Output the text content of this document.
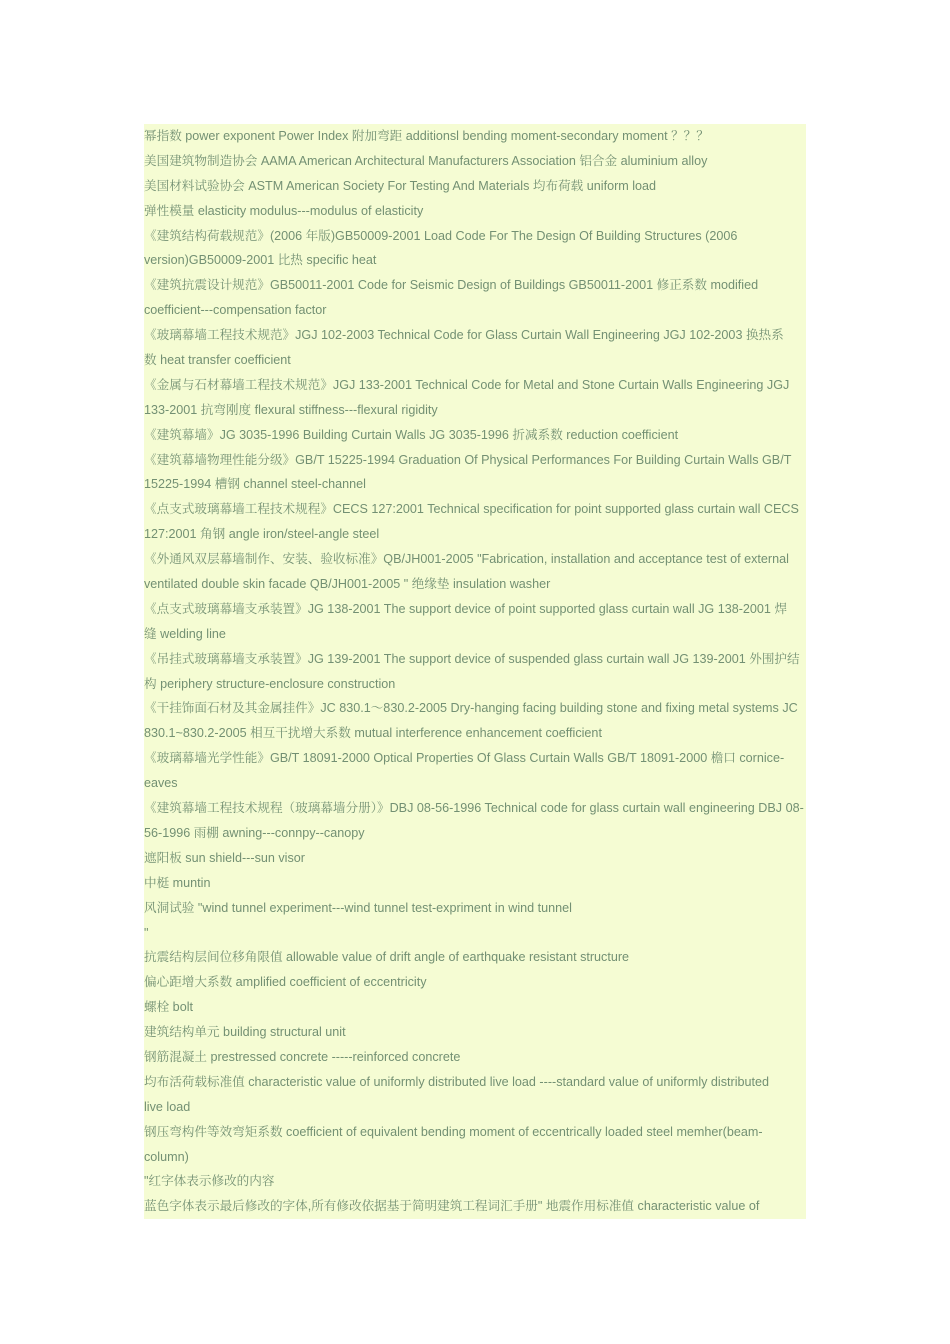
幂指数 power exponent Power Index 附加弯距 additionsl bending moment-secondary moment ？？？
美国建筑物制造协会 AAMA American Architectural Manufacturers Association 铝合金 aluminium alloy
美国材料试验协会 ASTM American Society For Testing And Materials 均布荷载 uniform load
弹性模量 elasticity modulus---modulus of elasticity
《建筑结构荷载规范》(2006 年版)GB50009-2001 Load Code For The Design Of Building Structures (2006
version)GB50009-2001 比热 specific heat
《建筑抗震设计规范》GB50011-2001 Code for Seismic Design of Buildings GB50011-2001 修正系数 modified
coefficient---compensation factor
《玻璃幕墙工程技术规范》JGJ 102-2003 Technical Code for Glass Curtain Wall Engineering JGJ 102-2003 换热系
数 heat transfer coefficient
《金属与石材幕墙工程技术规范》JGJ 133-2001 Technical Code for Metal and Stone Curtain Walls Engineering JGJ
133-2001 抗弯刚度 flexural stiffness---flexural rigidity
《建筑幕墙》JG 3035-1996 Building Curtain Walls JG 3035-1996 折减系数 reduction coefficient
《建筑幕墙物理性能分级》GB/T 15225-1994 Graduation Of Physical Performances For Building Curtain Walls GB/T
15225-1994 槽钢 channel steel-channel
《点支式玻璃幕墙工程技术规程》CECS 127:2001 Technical specification for point supported glass curtain wall CECS
127:2001 角钢 angle iron/steel-angle steel
《外通风双层幕墙制作、安装、验收标准》QB/JH001-2005 "Fabrication, installation and acceptance test of external
ventilated double skin facade QB/JH001-2005 " 绝缘垫 insulation washer
《点支式玻璃幕墙支承装置》JG 138-2001 The support device of point supported glass curtain wall JG 138-2001 焊
缝 welding line
《吊挂式玻璃幕墙支承装置》JG 139-2001 The support device of suspended glass curtain wall JG 139-2001 外围护结
构 periphery structure-enclosure construction
《干挂饰面石材及其金属挂件》JC 830.1～830.2-2005 Dry-hanging facing building stone and fixing metal systems JC
830.1~830.2-2005 相互干扰增大系数 mutual interference enhancement coefficient
《玻璃幕墙光学性能》GB/T 18091-2000 Optical Properties Of Glass Curtain Walls GB/T 18091-2000 檐口 cornice-
eaves
《建筑幕墙工程技术规程（玻璃幕墙分册）》DBJ 08-56-1996 Technical code for glass curtain wall engineering DBJ 08-
56-1996 雨棚 awning---connpy--canopy
遮阳板 sun shield---sun visor
中梃 muntin
风洞试验 "wind tunnel experiment---wind tunnel test-expriment in wind tunnel
"
抗震结构层间位移角限值 allowable value of drift angle of earthquake resistant structure
偏心距增大系数 amplified coefficient of eccentricity
螺栓 bolt
建筑结构单元 building structural unit
钢筋混凝土 prestressed concrete -----reinforced concrete
均布活荷载标准值 characteristic value of uniformly distributed live load ----standard value of uniformly distributed
live load
钢压弯构件等效弯矩系数 coefficient of equivalent bending moment of eccentrically loaded steel memher(beam-
column)
"红字体表示修改的内容
蓝色字体表示最后修改的字体,所有修改依据基于简明建筑工程词汇手册" 地震作用标准值 characteristic value of
